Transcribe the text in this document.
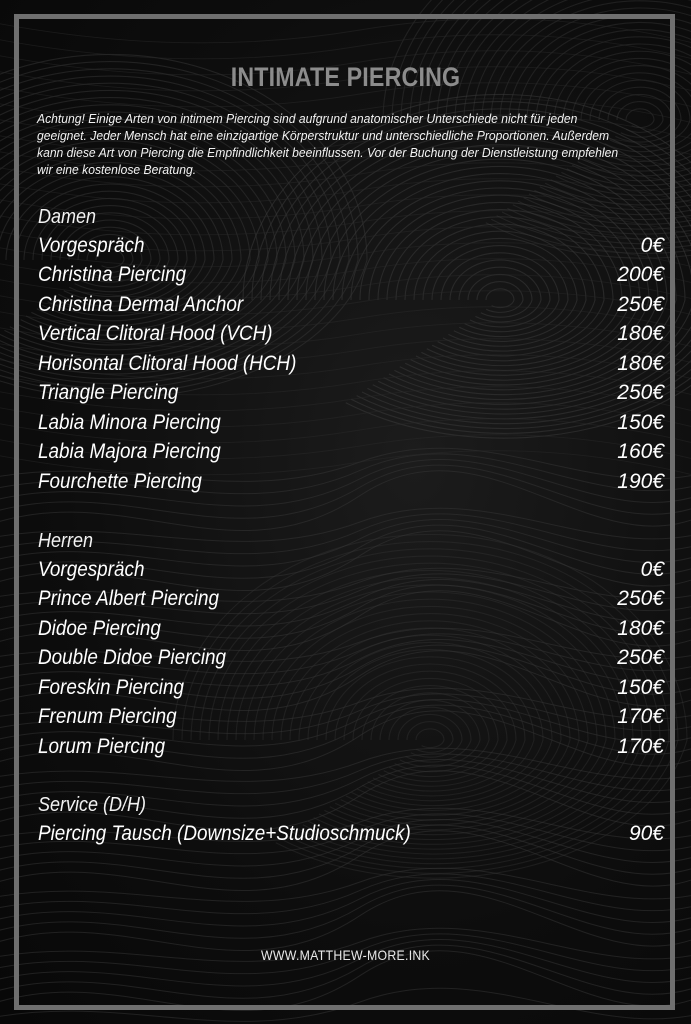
INTIMATE PIERCING
Achtung! Einige Arten von intimem Piercing sind aufgrund anatomischer Unterschiede nicht für jeden geeignet. Jeder Mensch hat eine einzigartige Körperstruktur und unterschiedliche Proportionen. Außerdem kann diese Art von Piercing die Empfindlichkeit beeinflussen. Vor der Buchung der Dienstleistung empfehlen wir eine kostenlose Beratung.
Damen
Vorgespräch	0€
Christina Piercing	200€
Christina Dermal Anchor	250€
Vertical Clitoral Hood (VCH)	180€
Horisontal Clitoral Hood (HCH)	180€
Triangle Piercing	250€
Labia Minora Piercing	150€
Labia Majora Piercing	160€
Fourchette Piercing	190€
Herren
Vorgespräch	0€
Prince Albert Piercing	250€
Didoe Piercing	180€
Double Didoe Piercing	250€
Foreskin Piercing	150€
Frenum Piercing	170€
Lorum Piercing	170€
Service (D/H)
Piercing Tausch (Downsize+Studioschmuck)	90€
WWW.MATTHEW-MORE.INK
